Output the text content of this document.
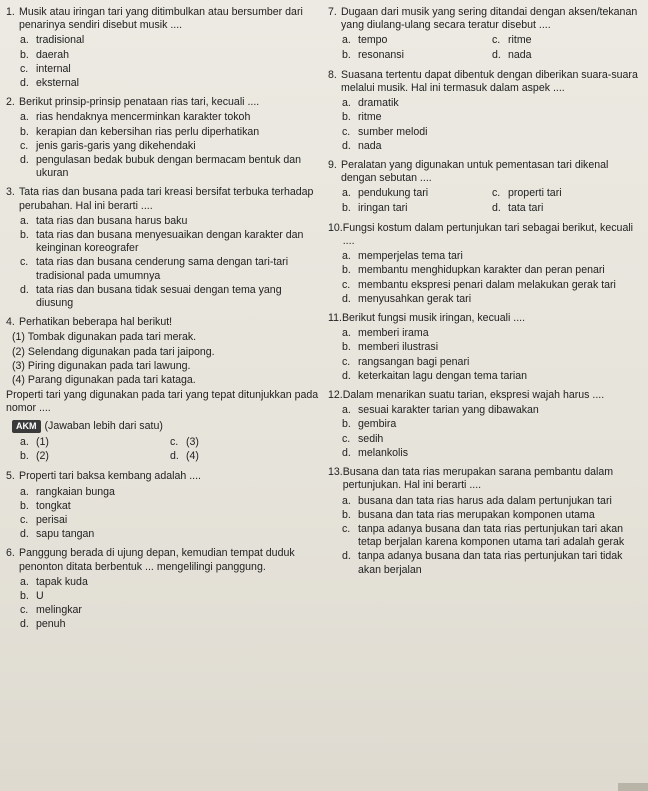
1. Musik atau iringan tari yang ditimbulkan atau bersumber dari penarinya sendiri disebut musik ....
a. tradisional
b. daerah
c. internal
d. eksternal
2. Berikut prinsip-prinsip penataan rias tari, kecuali ....
a. rias hendaknya mencerminkan karakter tokoh
b. kerapian dan kebersihan rias perlu diperhatikan
c. jenis garis-garis yang dikehendaki
d. pengulasan bedak bubuk dengan bermacam bentuk dan ukuran
3. Tata rias dan busana pada tari kreasi bersifat terbuka terhadap perubahan. Hal ini berarti ....
a. tata rias dan busana harus baku
b. tata rias dan busana menyesuaikan dengan karakter dan keinginan koreografer
c. tata rias dan busana cenderung sama dengan tari-tari tradisional pada umumnya
d. tata rias dan busana tidak sesuai dengan tema yang diusung
4. Perhatikan beberapa hal berikut!
(1) Tombak digunakan pada tari merak.
(2) Selendang digunakan pada tari jaipong.
(3) Piring digunakan pada tari lawung.
(4) Parang digunakan pada tari kataga.
Properti tari yang digunakan pada tari yang tepat ditunjukkan pada nomor ....
AKM (Jawaban lebih dari satu)
a. (1)	c. (3)
b. (2)	d. (4)
5. Properti tari baksa kembang adalah ....
a. rangkaian bunga
b. tongkat
c. perisai
d. sapu tangan
6. Panggung berada di ujung depan, kemudian tempat duduk penonton ditata berbentuk ... mengelilingi panggung.
a. tapak kuda
b. U
c. melingkar
d. penuh
7. Dugaan dari musik yang sering ditandai dengan aksen/tekanan yang diulang-ulang secara teratur disebut ....
a. tempo	c. ritme
b. resonansi	d. nada
8. Suasana tertentu dapat dibentuk dengan diberikan suara-suara melalui musik. Hal ini termasuk dalam aspek ....
a. dramatik
b. ritme
c. sumber melodi
d. nada
9. Peralatan yang digunakan untuk pementasan tari dikenal dengan sebutan ....
a. pendukung tari	c. properti tari
b. iringan tari	d. tata tari
10. Fungsi kostum dalam pertunjukan tari sebagai berikut, kecuali ....
a. memperjelas tema tari
b. membantu menghidupkan karakter dan peran penari
c. membantu ekspresi penari dalam melakukan gerak tari
d. menyusahkan gerak tari
11. Berikut fungsi musik iringan, kecuali ....
a. memberi irama
b. memberi ilustrasi
c. rangsangan bagi penari
d. keterkaitan lagu dengan tema tarian
12. Dalam menarikan suatu tarian, ekspresi wajah harus ....
a. sesuai karakter tarian yang dibawakan
b. gembira
c. sedih
d. melankolis
13. Busana dan tata rias merupakan sarana pembantu dalam pertunjukan. Hal ini berarti ....
a. busana dan tata rias harus ada dalam pertunjukan tari
b. busana dan tata rias merupakan komponen utama
c. tanpa adanya busana dan tata rias pertunjukan tari akan tetap berjalan karena komponen utama tari adalah gerak
d. tanpa adanya busana dan tata rias pertunjukan tari tidak akan berjalan
